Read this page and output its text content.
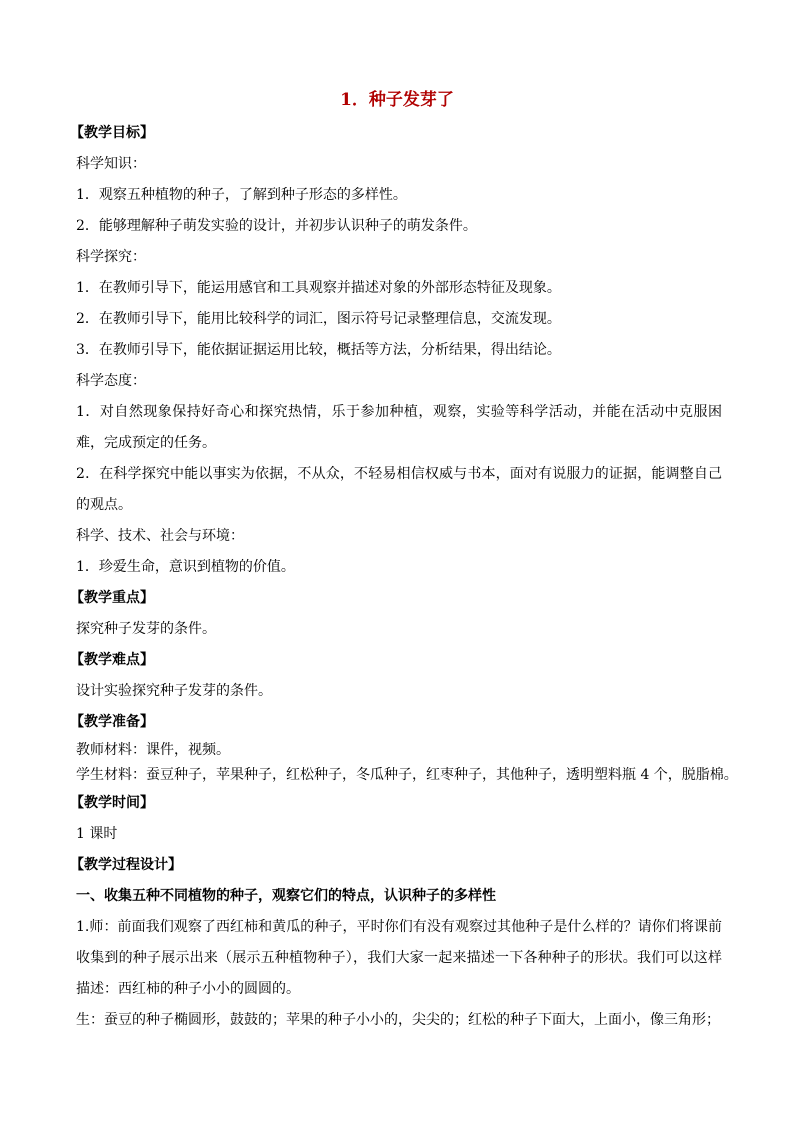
1．种子发芽了
【教学目标】
科学知识：
1．观察五种植物的种子，了解到种子形态的多样性。
2．能够理解种子萌发实验的设计，并初步认识种子的萌发条件。
科学探究：
1．在教师引导下，能运用感官和工具观察并描述对象的外部形态特征及现象。
2．在教师引导下，能用比较科学的词汇，图示符号记录整理信息，交流发现。
3．在教师引导下，能依据证据运用比较，概括等方法，分析结果，得出结论。
科学态度：
1．对自然现象保持好奇心和探究热情，乐于参加种植，观察，实验等科学活动，并能在活动中克服困难，完成预定的任务。
2．在科学探究中能以事实为依据，不从众，不轻易相信权威与书本，面对有说服力的证据，能调整自己的观点。
科学、技术、社会与环境：
1．珍爱生命，意识到植物的价值。
【教学重点】
探究种子发芽的条件。
【教学难点】
设计实验探究种子发芽的条件。
【教学准备】
教师材料：课件，视频。
学生材料：蚕豆种子，苹果种子，红松种子，冬瓜种子，红枣种子，其他种子，透明塑料瓶 4 个，脱脂棉。
【教学时间】
1 课时
【教学过程设计】
一、收集五种不同植物的种子，观察它们的特点，认识种子的多样性
1.师：前面我们观察了西红柿和黄瓜的种子，平时你们有没有观察过其他种子是什么样的？请你们将课前收集到的种子展示出来（展示五种植物种子），我们大家一起来描述一下各种种子的形状。我们可以这样描述：西红柿的种子小小的圆圆的。
生：蚕豆的种子椭圆形，鼓鼓的；苹果的种子小小的，尖尖的；红松的种子下面大，上面小，像三角形；
